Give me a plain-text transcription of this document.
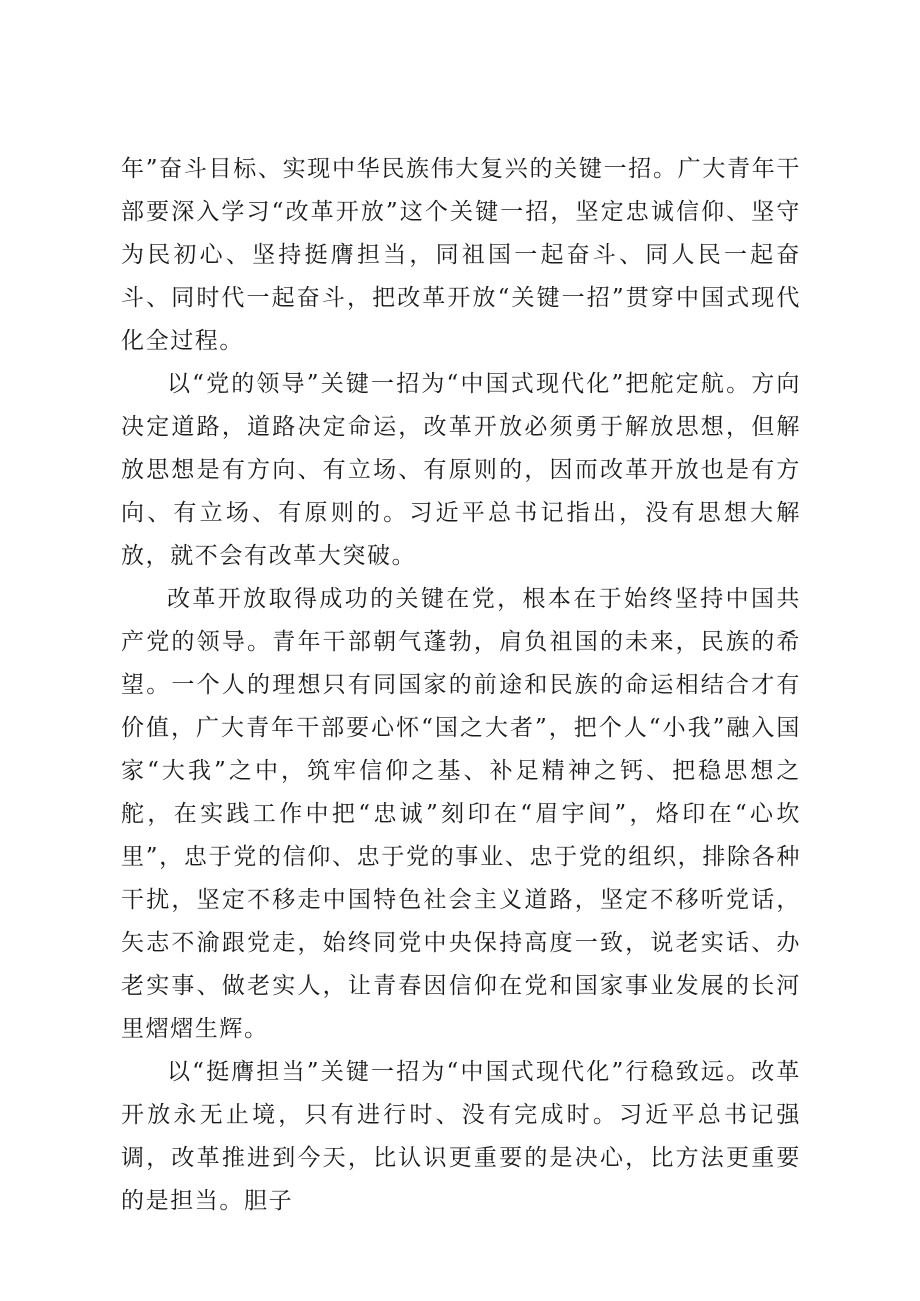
年”奋斗目标、实现中华民族伟大复兴的关键一招。广大青年干部要深入学习“改革开放”这个关键一招，坚定忠诚信仰、坚守为民初心、坚持挺膺担当，同祖国一起奋斗、同人民一起奋斗、同时代一起奋斗，把改革开放“关键一招”贯穿中国式现代化全过程。

以“党的领导”关键一招为“中国式现代化”把舵定航。方向决定道路，道路决定命运，改革开放必须勇于解放思想，但解放思想是有方向、有立场、有原则的，因而改革开放也是有方向、有立场、有原则的。习近平总书记指出，没有思想大解放，就不会有改革大突破。

改革开放取得成功的关键在党，根本在于始终坚持中国共产党的领导。青年干部朝气蓬勃，肩负祖国的未来，民族的希望。一个人的理想只有同国家的前途和民族的命运相结合才有价值，广大青年干部要心怀“国之大者”，把个人“小我”融入国家“大我”之中，筑牢信仰之基、补足精神之钙、把稳思想之舵，在实践工作中把“忠诚”刻印在“眉宇间”，烙印在“心坎里”，忠于党的信仰、忠于党的事业、忠于党的组织，排除各种干扰，坚定不移走中国特色社会主义道路，坚定不移听党话，矢志不渝跟党走，始终同党中央保持高度一致，说老实话、办老实事、做老实人，让青春因信仰在党和国家事业发展的长河里熠熠生辉。

以“挺膺担当”关键一招为“中国式现代化”行稳致远。改革开放永无止境，只有进行时、没有完成时。习近平总书记强调，改革推进到今天，比认识更重要的是决心，比方法更重要的是担当。胆子
